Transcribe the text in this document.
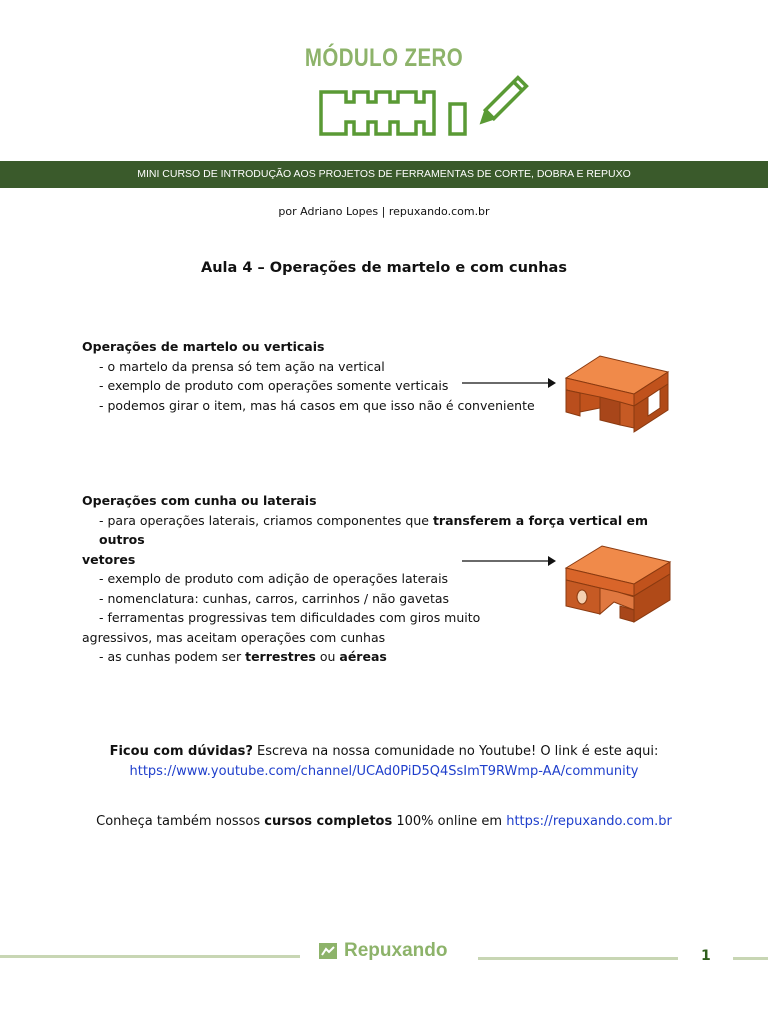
MÓDULO ZERO
MINI CURSO DE INTRODUÇÃO AOS PROJETOS DE FERRAMENTAS DE CORTE, DOBRA E REPUXO
por Adriano Lopes | repuxando.com.br
Aula 4 – Operações de martelo e com cunhas
Operações de martelo ou verticais
- o martelo da prensa só tem ação na vertical
- exemplo de produto com operações somente verticais
- podemos girar o item, mas há casos em que isso não é conveniente
Operações com cunha ou laterais
- para operações laterais, criamos componentes que transferem a força vertical em outros
vetores
- exemplo de produto com adição de operações laterais
- nomenclatura: cunhas, carros, carrinhos / não gavetas
- ferramentas progressivas tem dificuldades com giros muito
agressivos, mas aceitam operações com cunhas
- as cunhas podem ser terrestres ou aéreas
Ficou com dúvidas? Escreva na nossa comunidade no Youtube! O link é este aqui:
https://www.youtube.com/channel/UCAd0PiD5Q4SsImT9RWmp-AA/community
Conheça também nossos cursos completos 100% online em https://repuxando.com.br
Repuxando	1
